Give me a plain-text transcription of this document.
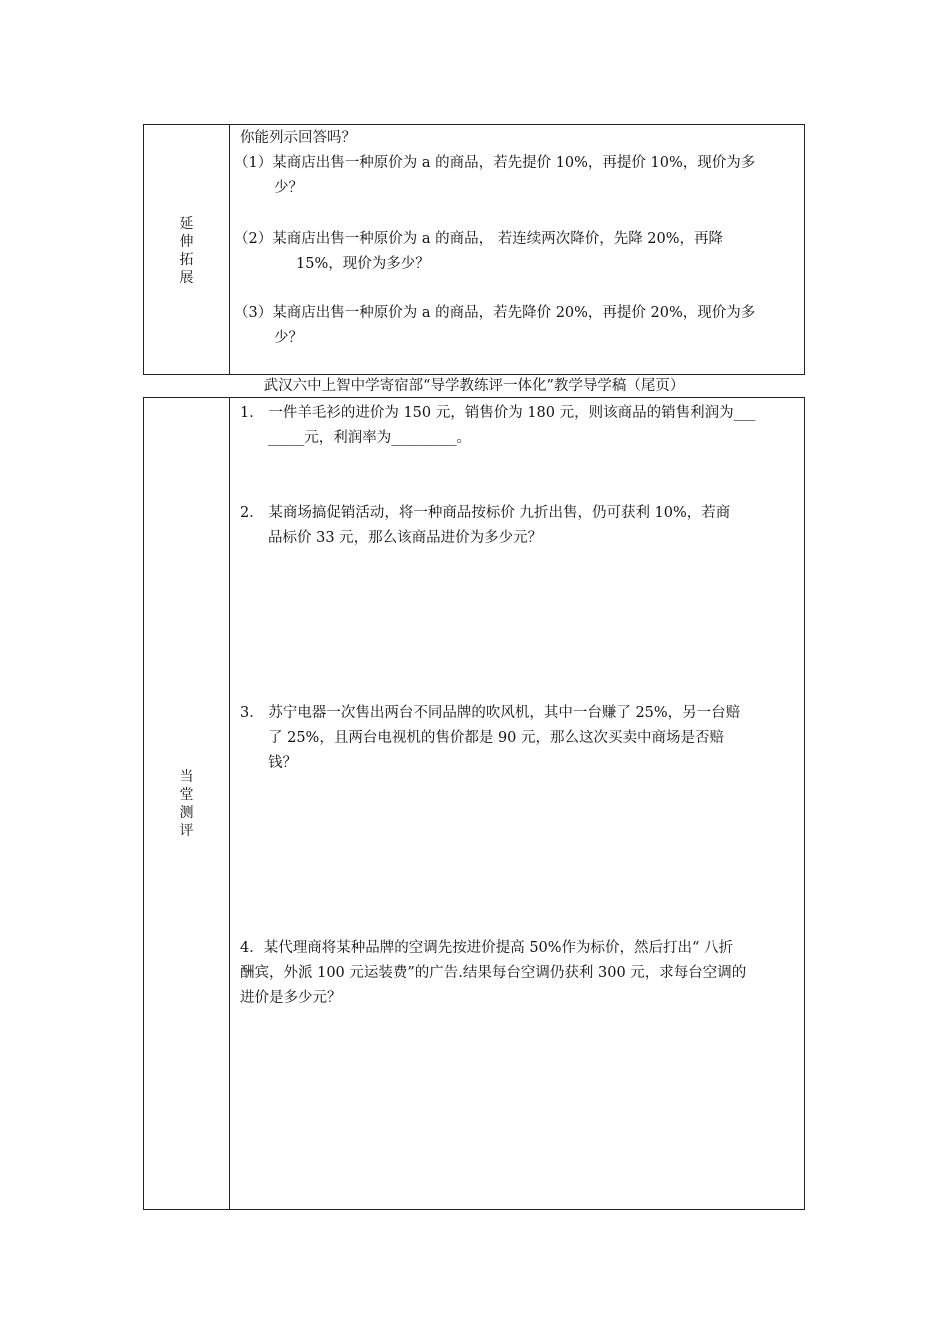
延
伸
拓
展
你能列示回答吗？
（1）某商店出售一种原价为 a 的商品，若先提价 10%，再提价 10%，现价为多
少？
（2）某商店出售一种原价为 a 的商品， 若连续两次降价，先降 20%，再降
15%，现价为多少？
（3）某商店出售一种原价为 a 的商品，若先降价 20%，再提价 20%，现价为多
少？
武汉六中上智中学寄宿部“导学教练评一体化”教学导学稿（尾页）
当
堂
测
评
1． 一件羊毛衫的进价为 150 元，销售价为 180 元，则该商品的销售利润为___
_____元，利润率为_________。
2． 某商场搞促销活动，将一种商品按标价 九折出售，仍可获利 10%，若商
品标价 33 元，那么该商品进价为多少元？
3． 苏宁电器一次售出两台不同品牌的吹风机，其中一台赚了 25%，另一台赔
了 25%，且两台电视机的售价都是 90 元，那么这次买卖中商场是否赔
钱？
4．某代理商将某种品牌的空调先按进价提高 50%作为标价，然后打出“ 八折
酬宾，外派 100 元运装费”的广告.结果每台空调仍获利 300 元，求每台空调的
进价是多少元？
